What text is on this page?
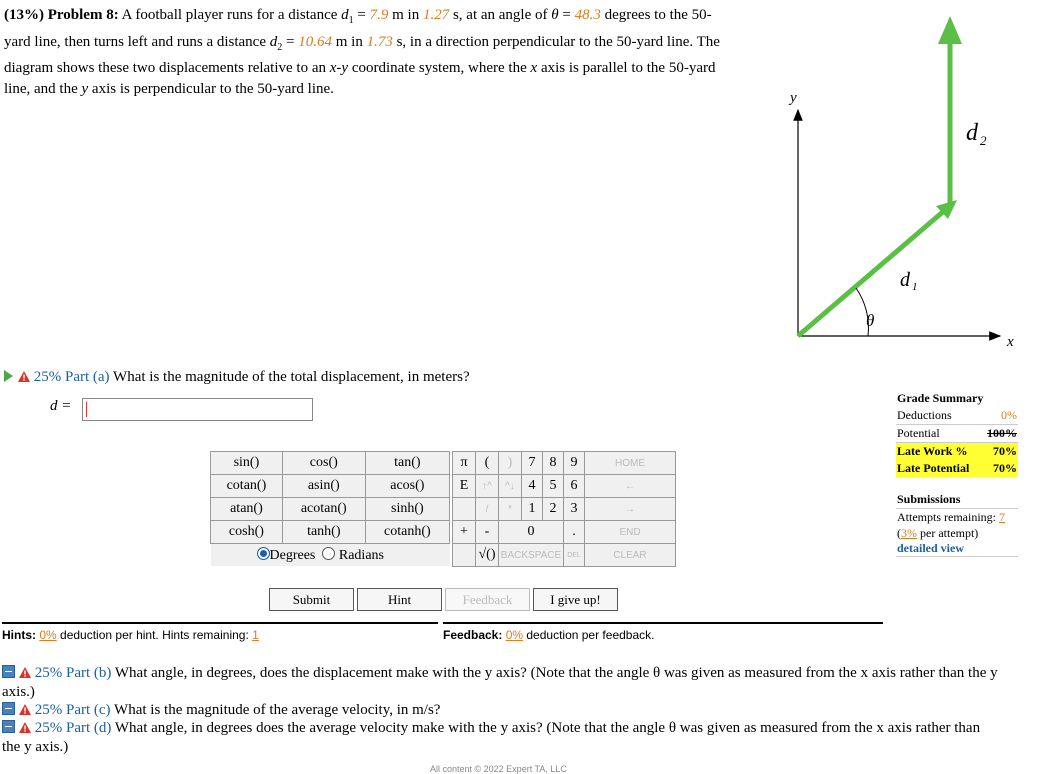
(13%) Problem 8: A football player runs for a distance $d_1 = 7.9$ m in 1.27 s, at an angle of θ = 48.3 degrees to the 50-yard line, then turns left and runs a distance $d_2 = 10.64$ m in 1.73 s, in a direction perpendicular to the 50-yard line. The diagram shows these two displacements relative to an x-y coordinate system, where the x axis is parallel to the 50-yard line, and the y axis is perpendicular to the 50-yard line.
y
x
θ
d 1
d 2
25% Part (a) What is the magnitude of the total displacement, in meters?
d =
sin()	cos()	tan()
cotan()	asin()	acos()
atan()	acotan()	sinh()
cosh()	tanh()	cotanh()
Degrees Radians		
π	(	)	7	8	9	HOME
E	↑^	^↓	4	5	6	←
	/	*	1	2	3	→
+	-	0			.	END
	√()	BACKSPACE			DEL	CLEAR
Submit	Hint	Feedback	I give up!
Hints: 0% deduction per hint. Hints remaining: 1	Feedback: 0% deduction per feedback.
Grade Summary
Deductions	0%
Potential	100%
Late Work % 70%
Late Potential 70%
Submissions
Attempts remaining: 7
(3% per attempt)
detailed view
25% Part (b) What angle, in degrees, does the displacement make with the y axis? (Note that the angle θ was given as measured from the x axis rather than the y axis.)
25% Part (c) What is the magnitude of the average velocity, in m/s?
25% Part (d) What angle, in degrees does the average velocity make with the y axis? (Note that the angle θ was given as measured from the x axis rather than the y axis.)
All content © 2022 Expert TA, LLC
